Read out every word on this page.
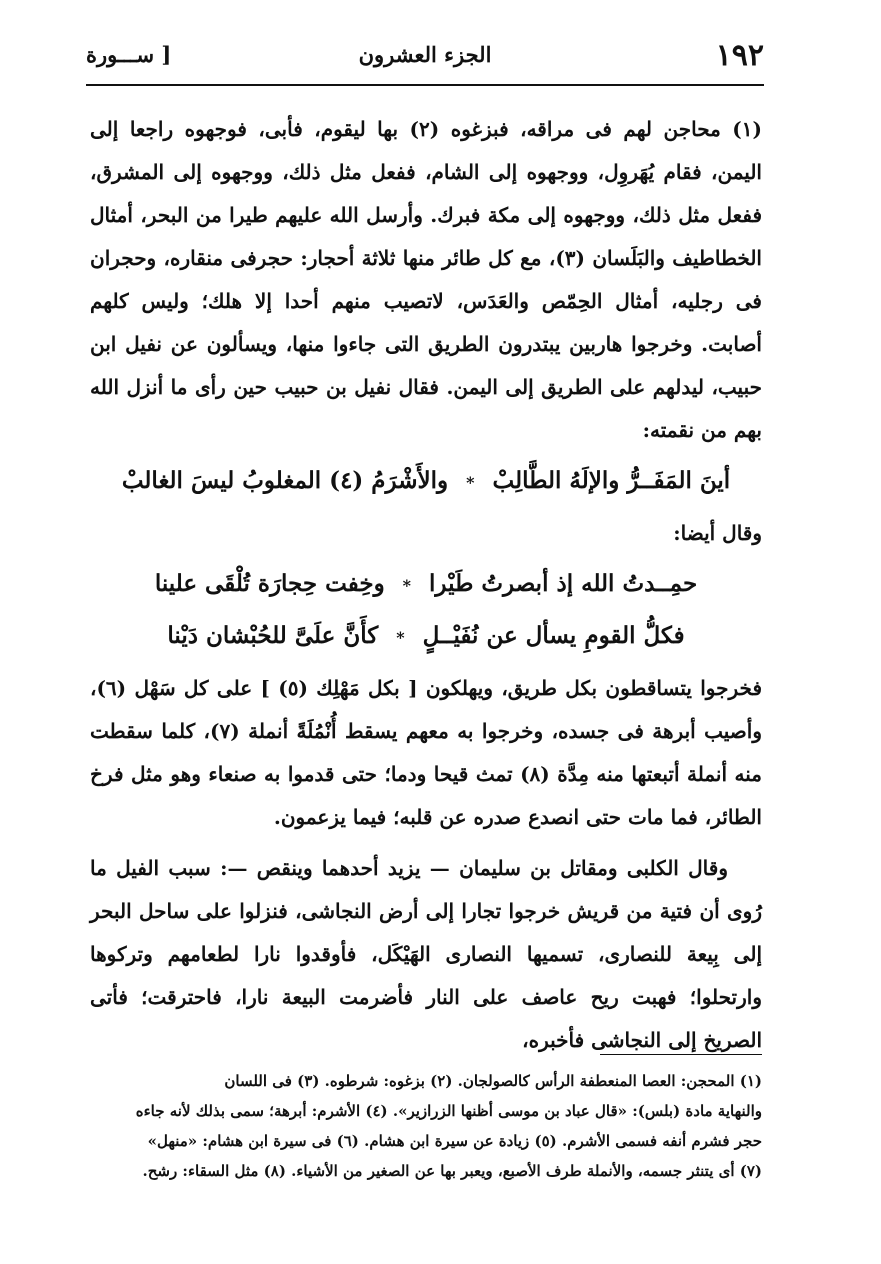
١٩٢
الجزء العشرون
[ ســـورة

(١) محاجن لهم فى مراقه، فبزغوه (٢) بها ليقوم، فأبى، فوجهوه راجعا إلى اليمن، فقام يُهَروِل، ووجهوه إلى الشام، ففعل مثل ذلك، ووجهوه إلى المشرق، ففعل مثل ذلك، ووجهوه إلى مكة فبرك. وأرسل الله عليهم طيرا من البحر، أمثال الخطاطيف والبَلَسان (٣)، مع كل طائر منها ثلاثة أحجار: حجرفى منقاره، وحجران فى رجليه، أمثال الحِمّص والعَدَس، لاتصيب منهم أحدا إلا هلك؛ وليس كلهم أصابت. وخرجوا هاربين يبتدرون الطريق التى جاءوا منها، ويسألون عن نفيل ابن حبيب، ليدلهم على الطريق إلى اليمن. فقال نفيل بن حبيب حين رأى ما أنزل الله بهم من نقمته:

أينَ المَفَــرُّ والإلَهُ الطَّالِبْ
*
والأَشْرَمُ (٤) المغلوبُ ليسَ الغالبْ

وقال أيضا:

حمِــدتُ الله إذ أبصرتُ طَيْرا
*
وخِفت حِجارَة تُلْقَى علينا
فكلُّ القومِ يسأل عن نُفَيْــلٍ
*
كأَنَّ علَىَّ للحُبْشان دَيْنا

فخرجوا يتساقطون بكل طريق، ويهلكون [ بكل مَهْلِك (٥) ] على كل سَهْل (٦)، وأصيب أبرهة فى جسده، وخرجوا به معهم يسقط أُنْمُلَةً أنملة (٧)، كلما سقطت منه أنملة أتبعتها منه مِدَّة (٨) تمث قيحا ودما؛ حتى قدموا به صنعاء وهو مثل فرخ الطائر، فما مات حتى انصدع صدره عن قلبه؛ فيما يزعمون.

وقال الكلبى ومقاتل بن سليمان — يزيد أحدهما وينقص —: سبب الفيل ما رُوى أن فتية من قريش خرجوا تجارا إلى أرض النجاشى، فنزلوا على ساحل البحر إلى بِيعة للنصارى، تسميها النصارى الهَيْكَل، فأوقدوا نارا لطعامهم وتركوها وارتحلوا؛ فهبت ريح عاصف على النار فأضرمت البيعة نارا، فاحترقت؛ فأتى الصريخ إلى النجاشى فأخبره،

(١) المحجن: العصا المنعطفة الرأس كالصولجان. (٢) بزغوه: شرطوه. (٣) فى اللسان

والنهاية مادة (بلس): «قال عباد بن موسى أظنها الزرازير». (٤) الأشرم: أبرهة؛ سمى بذلك لأنه جاءه

حجر فشرم أنفه فسمى الأشرم. (٥) زيادة عن سيرة ابن هشام. (٦) فى سيرة ابن هشام: «منهل»

(٧) أى يتنثر جسمه، والأنملة طرف الأصبع، ويعبر بها عن الصغير من الأشياء. (٨) مثل السقاء: رشح.
